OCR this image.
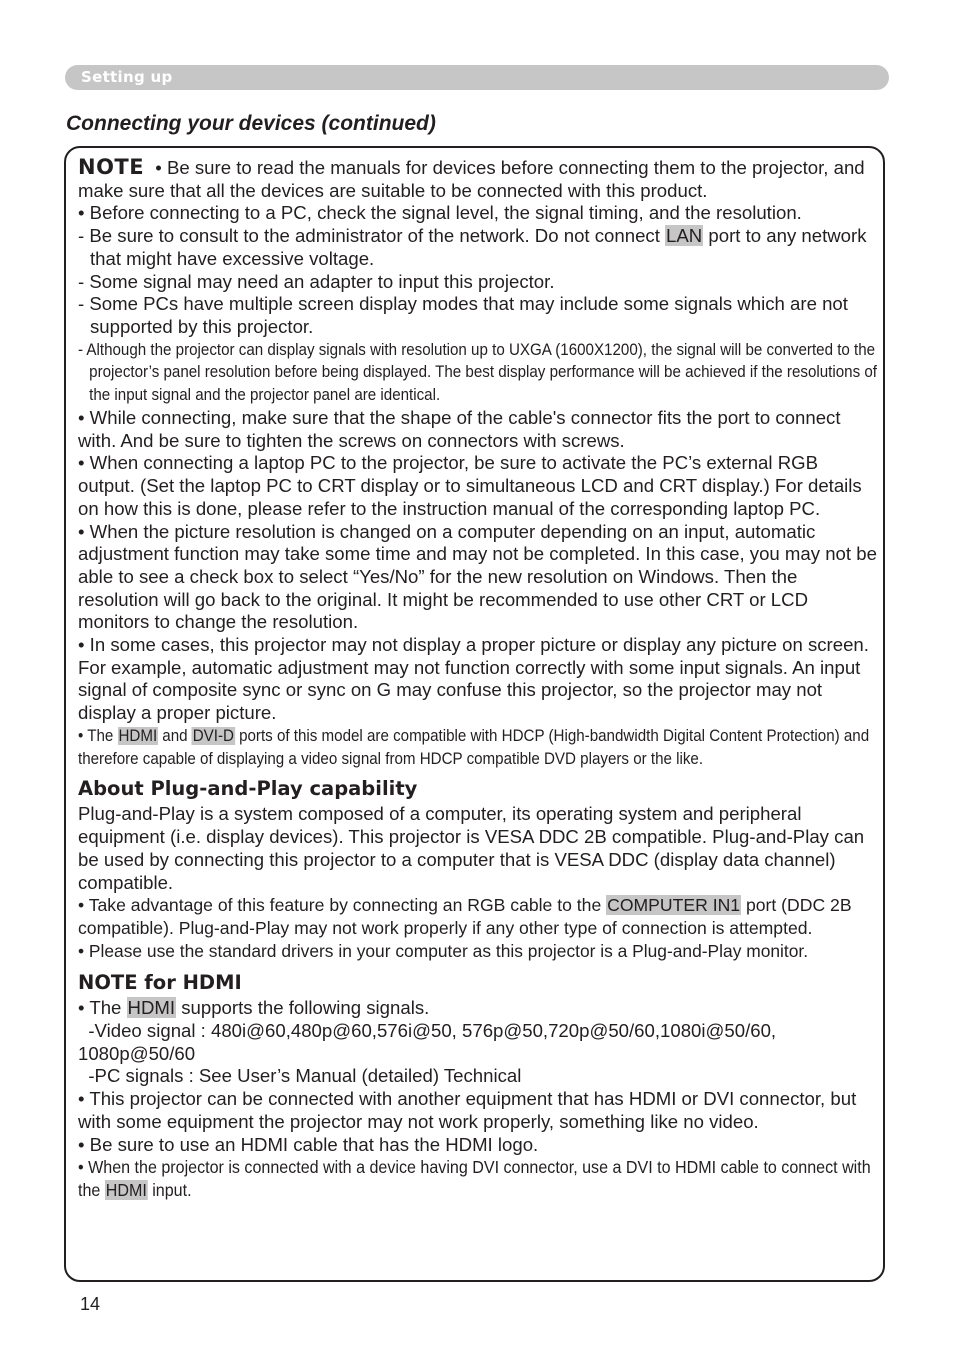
Setting up
Connecting your devices (continued)

NOTE • Be sure to read the manuals for devices before connecting them to the projector, and make sure that all the devices are suitable to be connected with this product.

• Before connecting to a PC, check the signal level, the signal timing, and the resolution.

- Be sure to consult to the administrator of the network. Do not connect LAN port to any network that might have excessive voltage.

- Some signal may need an adapter to input this projector.

- Some PCs have multiple screen display modes that may include some signals which are not supported by this projector.

- Although the projector can display signals with resolution up to UXGA (1600X1200), the signal will be converted to the projector’s panel resolution before being displayed. The best display performance will be achieved if the resolutions of the input signal and the projector panel are identical.

• While connecting, make sure that the shape of the cable's connector fits the port to connect with. And be sure to tighten the screws on connectors with screws.

• When connecting a laptop PC to the projector, be sure to activate the PC’s external RGB output. (Set the laptop PC to CRT display or to simultaneous LCD and CRT display.) For details on how this is done, please refer to the instruction manual of the corresponding laptop PC.

• When the picture resolution is changed on a computer depending on an input, automatic adjustment function may take some time and may not be completed. In this case, you may not be able to see a check box to select “Yes/No” for the new resolution on Windows. Then the resolution will go back to the original. It might be recommended to use other CRT or LCD monitors to change the resolution.

• In some cases, this projector may not display a proper picture or display any picture on screen. For example, automatic adjustment may not function correctly with some input signals. An input signal of composite sync or sync on G may confuse this projector, so the projector may not display a proper picture.

• The HDMI and DVI-D ports of this model are compatible with HDCP (High-bandwidth Digital Content Protection) and therefore capable of displaying a video signal from HDCP compatible DVD players or the like.

About Plug-and-Play capability

Plug-and-Play is a system composed of a computer, its operating system and peripheral equipment (i.e. display devices). This projector is VESA DDC 2B compatible. Plug-and-Play can be used by connecting this projector to a computer that is VESA DDC (display data channel) compatible.

• Take advantage of this feature by connecting an RGB cable to the COMPUTER IN1 port (DDC 2B compatible). Plug-and-Play may not work properly if any other type of connection is attempted.

• Please use the standard drivers in your computer as this projector is a Plug-and-Play monitor.

NOTE for HDMI

• The HDMI supports the following signals.

-Video signal : 480i@60,480p@60,576i@50, 576p@50,720p@50/60,1080i@50/60, 1080p@50/60

-PC signals : See User’s Manual (detailed) Technical

• This projector can be connected with another equipment that has HDMI or DVI connector, but with some equipment the projector may not work properly, something like no video.

• Be sure to use an HDMI cable that has the HDMI logo.

• When the projector is connected with a device having DVI connector, use a DVI to HDMI cable to connect with the HDMI input.

14
